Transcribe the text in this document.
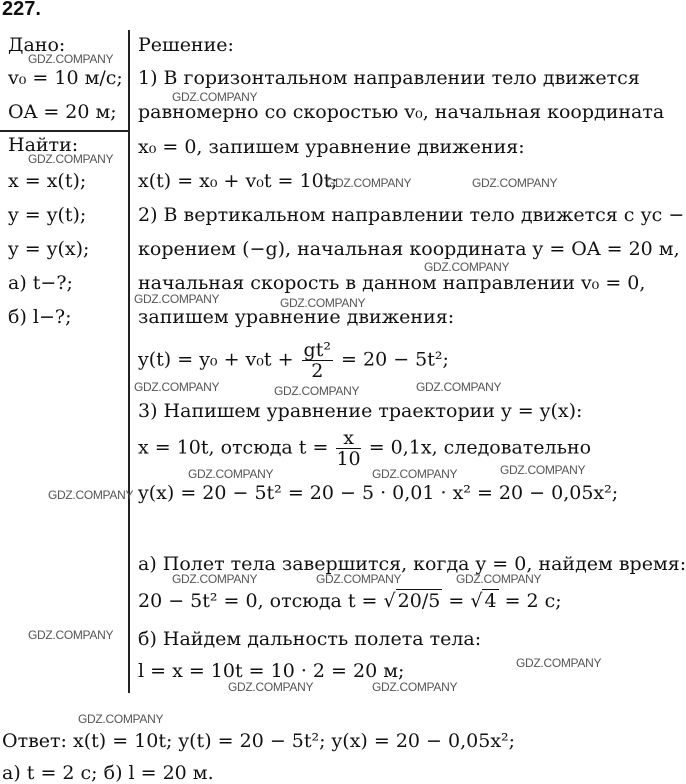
227.
Дано:
v₀ = 10 м/с;
OA = 20 м;
Найти:
x = x(t);
y = y(t);
y = y(x);
а) t−?;
б) l−?;
Решение:
1) В горизонтальном направлении тело движется
равномерно со скоростью v₀, начальная координата
x₀ = 0, запишем уравнение движения:
x(t) = x₀ + v₀t = 10t;
2) В вертикальном направлении тело движется с ус −
корением (−g), начальная координата y = OA = 20 м,
начальная скорость в данном направлении v₀ = 0,
запишем уравнение движения:
$y(t) = y_0 + v_0t + \frac{\text{gt²}}{2} = 20 - 5t^2$;
3) Напишем уравнение траектории y = y(x):
x = 10t, отсюда $t = \frac{x}{10} = 0,1x$, следовательно
y(x) = 20 − 5t² = 20 − 5 · 0,01 · x² = 20 − 0,05x²;
а) Полет тела завершится, когда y = 0, найдем время:
20 − 5t² = 0, отсюда t = √ 20/5 = √ 4 = 2 с;
б) Найдем дальность полета тела:
l = x = 10t = 10 · 2 = 20 м;
Ответ: x(t) = 10t; y(t) = 20 − 5t²; y(x) = 20 − 0,05x²;
а) t = 2 с; б) l = 20 м.
GDZ.COMPANY
GDZ.COMPANY
GDZ.COMPANY
GDZ.COMPANY	GDZ.COMPANY
GDZ.COMPANY
GDZ.COMPANY	GDZ.COMPANY
GDZ.COMPANY	GDZ.COMPANY	GDZ.COMPANY
GDZ.COMPANY	GDZ.COMPANY	GDZ.COMPANY
GDZ.COMPANY
GDZ.COMPANY	GDZ.COMPANY	GDZ.COMPANY
GDZ.COMPANY
GDZ.COMPANY
GDZ.COMPANY	GDZ.COMPANY
GDZ.COMPANY
